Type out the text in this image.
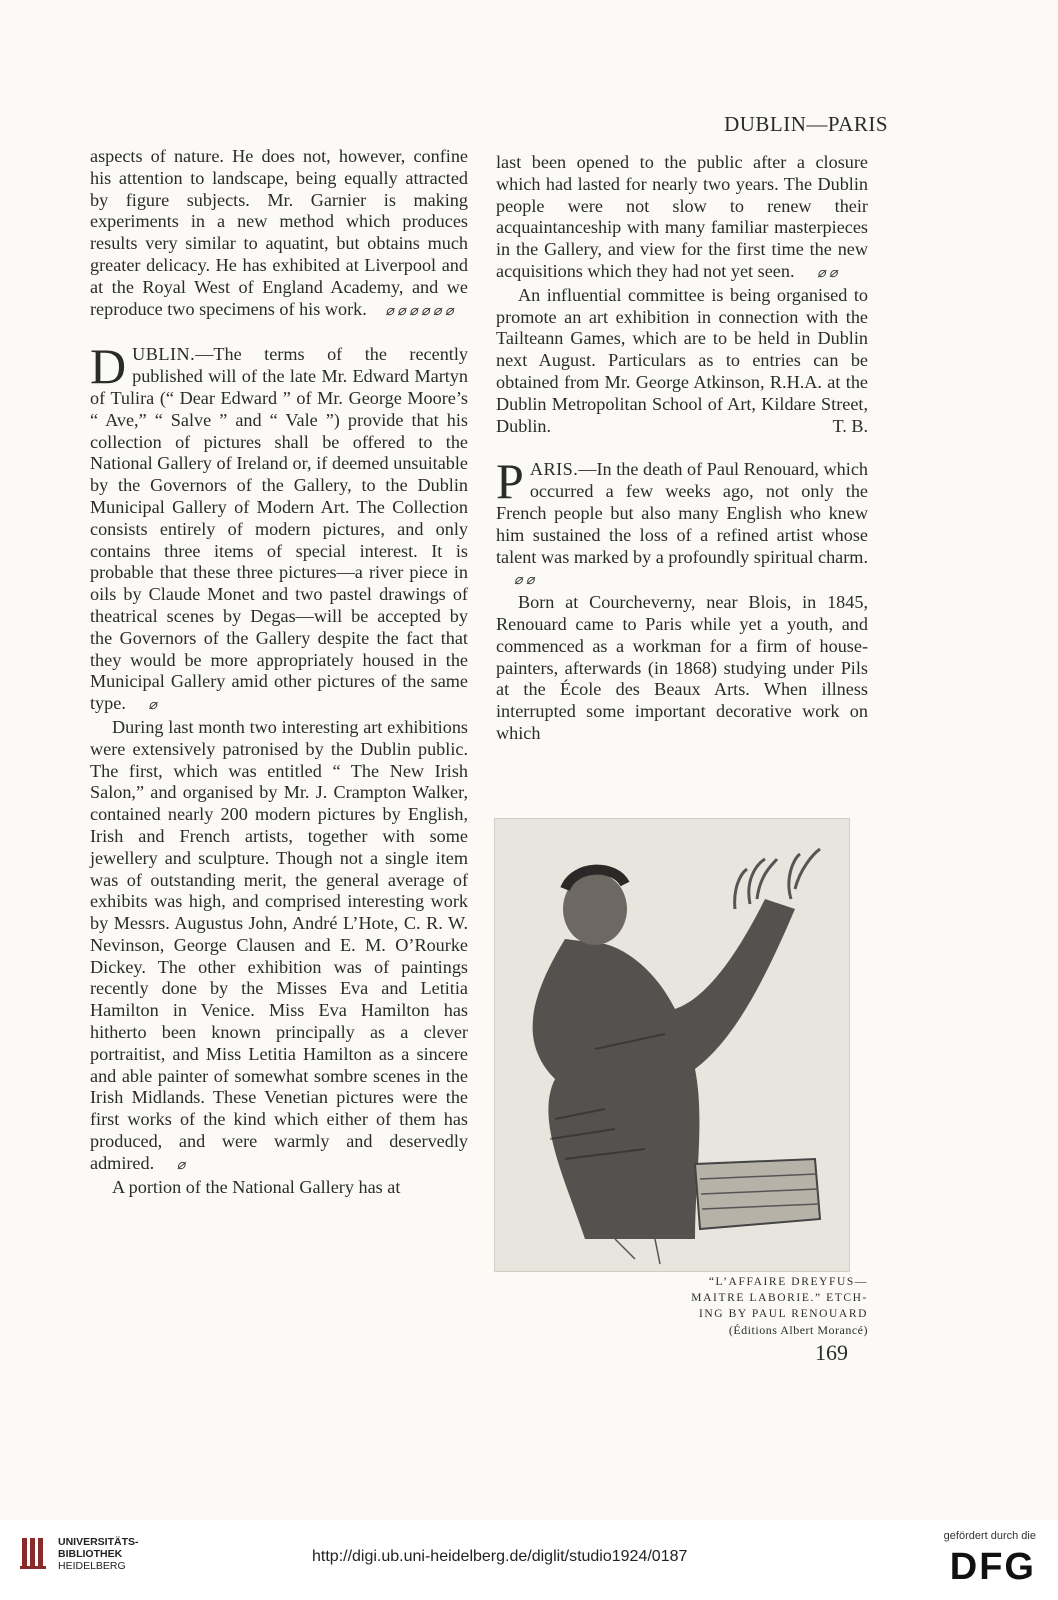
DUBLIN—PARIS

aspects of nature. He does not, however, confine his attention to landscape, being equally attracted by figure subjects. Mr. Garnier is making experiments in a new method which produces results very similar to aquatint, but obtains much greater delicacy. He has exhibited at Liverpool and at the Royal West of England Academy, and we reproduce two specimens of his work. ⌀ ⌀ ⌀ ⌀ ⌀ ⌀

DUBLIN.—The terms of the recently published will of the late Mr. Edward Martyn of Tulira (“ Dear Edward ” of Mr. George Moore’s “ Ave,” “ Salve ” and “ Vale ”) provide that his collection of pictures shall be offered to the National Gallery of Ireland or, if deemed unsuitable by the Governors of the Gallery, to the Dublin Municipal Gallery of Modern Art. The Collection consists entirely of modern pictures, and only contains three items of special interest. It is probable that these three pictures—a river piece in oils by Claude Monet and two pastel drawings of theatrical scenes by Degas—will be accepted by the Governors of the Gallery despite the fact that they would be more appropriately housed in the Municipal Gallery amid other pictures of the same type. ⌀

During last month two interesting art exhibitions were extensively patronised by the Dublin public. The first, which was entitled “ The New Irish Salon,” and organised by Mr. J. Crampton Walker, contained nearly 200 modern pictures by English, Irish and French artists, together with some jewellery and sculpture. Though not a single item was of outstanding merit, the general average of exhibits was high, and comprised interesting work by Messrs. Augustus John, André L’Hote, C. R. W. Nevinson, George Clausen and E. M. O’Rourke Dickey. The other exhibition was of paintings recently done by the Misses Eva and Letitia Hamilton in Venice. Miss Eva Hamilton has hitherto been known principally as a clever portraitist, and Miss Letitia Hamilton as a sincere and able painter of somewhat sombre scenes in the Irish Midlands. These Venetian pictures were the first works of the kind which either of them has produced, and were warmly and deservedly admired. ⌀

A portion of the National Gallery has at

last been opened to the public after a closure which had lasted for nearly two years. The Dublin people were not slow to renew their acquaintanceship with many familiar masterpieces in the Gallery, and view for the first time the new acquisitions which they had not yet seen. ⌀ ⌀

An influential committee is being organised to promote an art exhibition in connection with the Tailteann Games, which are to be held in Dublin next August. Particulars as to entries can be obtained from Mr. George Atkinson, R.H.A. at the Dublin Metropolitan School of Art, Kildare Street, Dublin.	T. B.

PARIS.—In the death of Paul Renouard, which occurred a few weeks ago, not only the French people but also many English who knew him sustained the loss of a refined artist whose talent was marked by a profoundly spiritual charm. ⌀ ⌀

Born at Courcheverny, near Blois, in 1845, Renouard came to Paris while yet a youth, and commenced as a workman for a firm of house-painters, afterwards (in 1868) studying under Pils at the École des Beaux Arts. When illness interrupted some important decorative work on which

“L’AFFAIRE DREYFUS—
MAITRE LABORIE.” ETCH-
ING BY PAUL RENOUARD
(Éditions Albert Morancé)
169
UNIVERSITÄTS-
BIBLIOTHEK
HEIDELBERG
http://digi.ub.uni-heidelberg.de/diglit/studio1924/0187
gefördert durch die
DFG
